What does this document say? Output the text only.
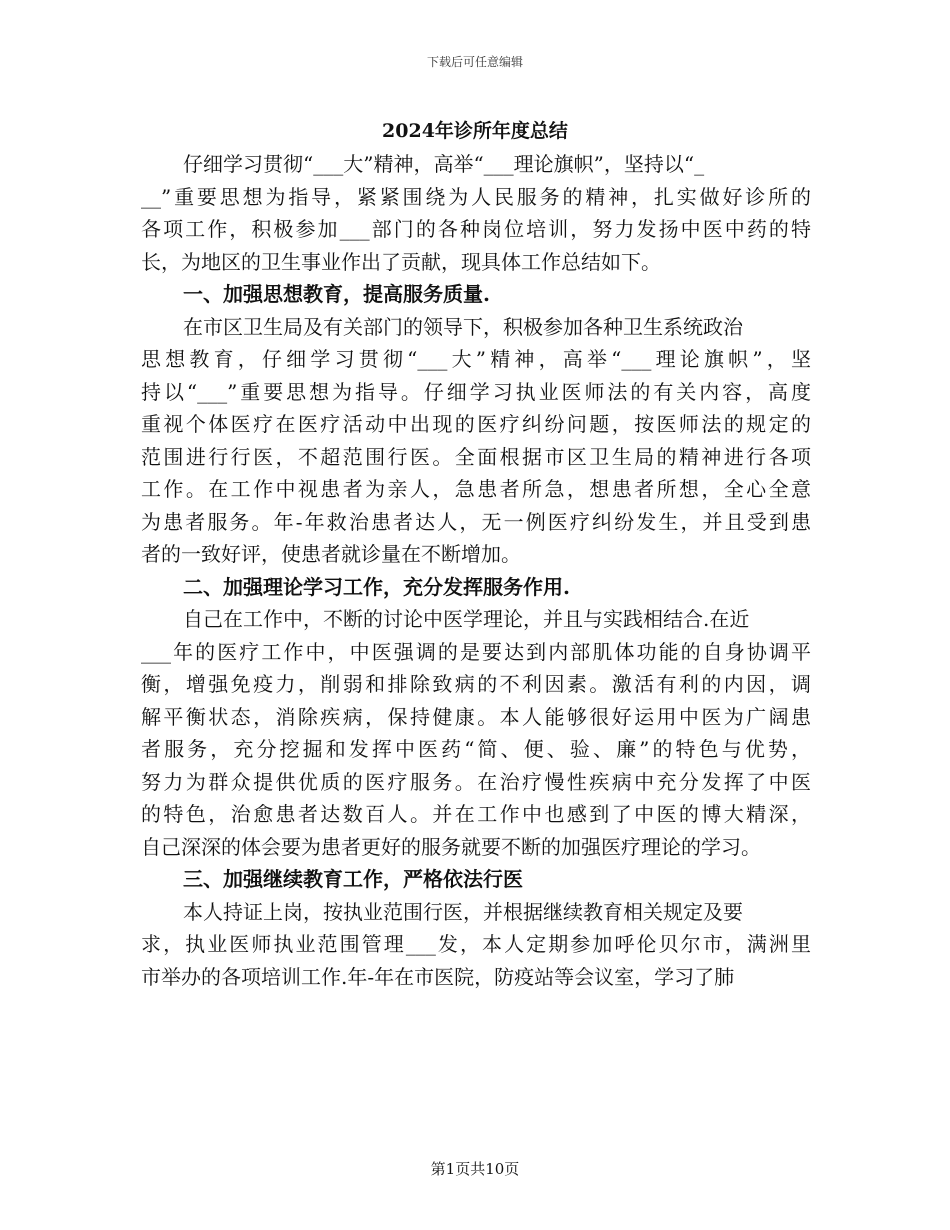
下载后可任意编辑
2024年诊所年度总结
仔细学习贯彻“___大”精神，高举“___理论旗帜”，坚持以“_
__”重要思想为指导，紧紧围绕为人民服务的精神，扎实做好诊所的
各项工作，积极参加___部门的各种岗位培训，努力发扬中医中药的特
长，为地区的卫生事业作出了贡献，现具体工作总结如下。
一、加强思想教育，提高服务质量.
在市区卫生局及有关部门的领导下，积极参加各种卫生系统政治
思想教育，仔细学习贯彻“___大”精神，高举“___理论旗帜”，坚
持以“___”重要思想为指导。仔细学习执业医师法的有关内容，高度
重视个体医疗在医疗活动中出现的医疗纠纷问题，按医师法的规定的
范围进行行医，不超范围行医。全面根据市区卫生局的精神进行各项
工作。在工作中视患者为亲人，急患者所急，想患者所想，全心全意
为患者服务。年-年救治患者达人，无一例医疗纠纷发生，并且受到患
者的一致好评，使患者就诊量在不断增加。
二、加强理论学习工作，充分发挥服务作用.
自己在工作中，不断的讨论中医学理论，并且与实践相结合.在近
___年的医疗工作中，中医强调的是要达到内部肌体功能的自身协调平
衡，增强免疫力，削弱和排除致病的不利因素。激活有利的内因，调
解平衡状态，消除疾病，保持健康。本人能够很好运用中医为广阔患
者服务，充分挖掘和发挥中医药“简、便、验、廉”的特色与优势，
努力为群众提供优质的医疗服务。在治疗慢性疾病中充分发挥了中医
的特色，治愈患者达数百人。并在工作中也感到了中医的博大精深，
自己深深的体会要为患者更好的服务就要不断的加强医疗理论的学习。
三、加强继续教育工作，严格依法行医
本人持证上岗，按执业范围行医，并根据继续教育相关规定及要
求，执业医师执业范围管理___发，本人定期参加呼伦贝尔市，满洲里
市举办的各项培训工作.年-年在市医院，防疫站等会议室，学习了肺
第1页共10页
